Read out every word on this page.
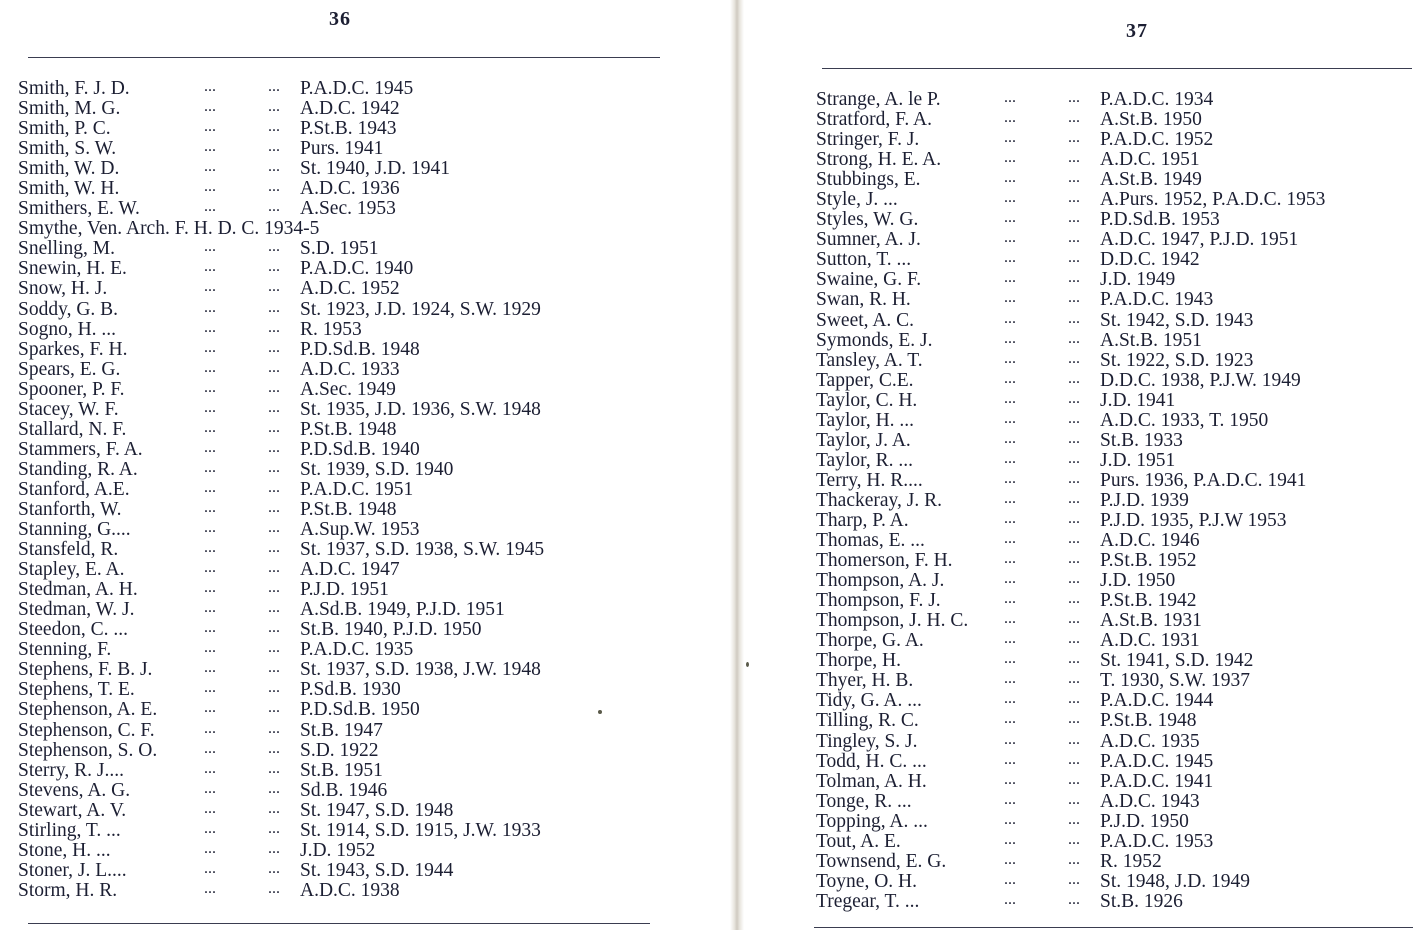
36
Smith, F. J. D.	...	... P.A.D.C. 1945
Smith, M. G.	...	... A.D.C. 1942
Smith, P. C.	...	... P.St.B. 1943
Smith, S. W.	...	... Purs. 1941
Smith, W. D.	...	... St. 1940, J.D. 1941
Smith, W. H.	...	... A.D.C. 1936
Smithers, E. W.	...	... A.Sec. 1953
Smythe, Ven. Arch. F. H. D. C. 1934-5
Snelling, M.	...	... S.D. 1951
Snewin, H. E.	...	... P.A.D.C. 1940
Snow, H. J.	...	... A.D.C. 1952
Soddy, G. B.	...	... St. 1923, J.D. 1924, S.W. 1929
Sogno, H. ...	...	... R. 1953
Sparkes, F. H.	...	... P.D.Sd.B. 1948
Spears, E. G.	...	... A.D.C. 1933
Spooner, P. F.	...	... A.Sec. 1949
Stacey, W. F.	...	... St. 1935, J.D. 1936, S.W. 1948
Stallard, N. F.	...	... P.St.B. 1948
Stammers, F. A.	...	... P.D.Sd.B. 1940
Standing, R. A.	...	... St. 1939, S.D. 1940
Stanford, A.E.	...	... P.A.D.C. 1951
Stanforth, W.	...	... P.St.B. 1948
Stanning, G....	...	... A.Sup.W. 1953
Stansfeld, R.	...	... St. 1937, S.D. 1938, S.W. 1945
Stapley, E. A.	...	... A.D.C. 1947
Stedman, A. H.	...	... P.J.D. 1951
Stedman, W. J.	...	... A.Sd.B. 1949, P.J.D. 1951
Steedon, C. ...	...	... St.B. 1940, P.J.D. 1950
Stenning, F.	...	... P.A.D.C. 1935
Stephens, F. B. J.	...	... St. 1937, S.D. 1938, J.W. 1948
Stephens, T. E.	...	... P.Sd.B. 1930
Stephenson, A. E.	...	... P.D.Sd.B. 1950
Stephenson, C. F.	...	... St.B. 1947
Stephenson, S. O.	...	... S.D. 1922
Sterry, R. J....	...	... St.B. 1951
Stevens, A. G.	...	... Sd.B. 1946
Stewart, A. V.	...	... St. 1947, S.D. 1948
Stirling, T. ...	...	... St. 1914, S.D. 1915, J.W. 1933
Stone, H. ...	...	... J.D. 1952
Stoner, J. L....	...	... St. 1943, S.D. 1944
Storm, H. R.	...	... A.D.C. 1938
37
Strange, A. le P.	...	... P.A.D.C. 1934
Stratford, F. A.	...	... A.St.B. 1950
Stringer, F. J.	...	... P.A.D.C. 1952
Strong, H. E. A.	...	... A.D.C. 1951
Stubbings, E.	...	... A.St.B. 1949
Style, J. ...	...	... A.Purs. 1952, P.A.D.C. 1953
Styles, W. G.	...	... P.D.Sd.B. 1953
Sumner, A. J.	...	... A.D.C. 1947, P.J.D. 1951
Sutton, T. ...	...	... D.D.C. 1942
Swaine, G. F.	...	... J.D. 1949
Swan, R. H.	...	... P.A.D.C. 1943
Sweet, A. C.	...	... St. 1942, S.D. 1943
Symonds, E. J.	...	... A.St.B. 1951
Tansley, A. T.	...	... St. 1922, S.D. 1923
Tapper, C.E.	...	... D.D.C. 1938, P.J.W. 1949
Taylor, C. H.	...	... J.D. 1941
Taylor, H. ...	...	... A.D.C. 1933, T. 1950
Taylor, J. A.	...	... St.B. 1933
Taylor, R. ...	...	... J.D. 1951
Terry, H. R....	...	... Purs. 1936, P.A.D.C. 1941
Thackeray, J. R.	...	... P.J.D. 1939
Tharp, P. A.	...	... P.J.D. 1935, P.J.W 1953
Thomas, E. ...	...	... A.D.C. 1946
Thomerson, F. H.	...	... P.St.B. 1952
Thompson, A. J.	...	... J.D. 1950
Thompson, F. J.	...	... P.St.B. 1942
Thompson, J. H. C. ...	... A.St.B. 1931
Thorpe, G. A.	...	... A.D.C. 1931
Thorpe, H.	...	... St. 1941, S.D. 1942
Thyer, H. B.	...	... T. 1930, S.W. 1937
Tidy, G. A. ...	...	... P.A.D.C. 1944
Tilling, R. C.	...	... P.St.B. 1948
Tingley, S. J.	...	... A.D.C. 1935
Todd, H. C. ...	...	... P.A.D.C. 1945
Tolman, A. H.	...	... P.A.D.C. 1941
Tonge, R. ...	...	... A.D.C. 1943
Topping, A. ...	...	... P.J.D. 1950
Tout, A. E.	...	... P.A.D.C. 1953
Townsend, E. G.	...	... R. 1952
Toyne, O. H.	...	... St. 1948, J.D. 1949
Tregear, T. ...	...	... St.B. 1926
